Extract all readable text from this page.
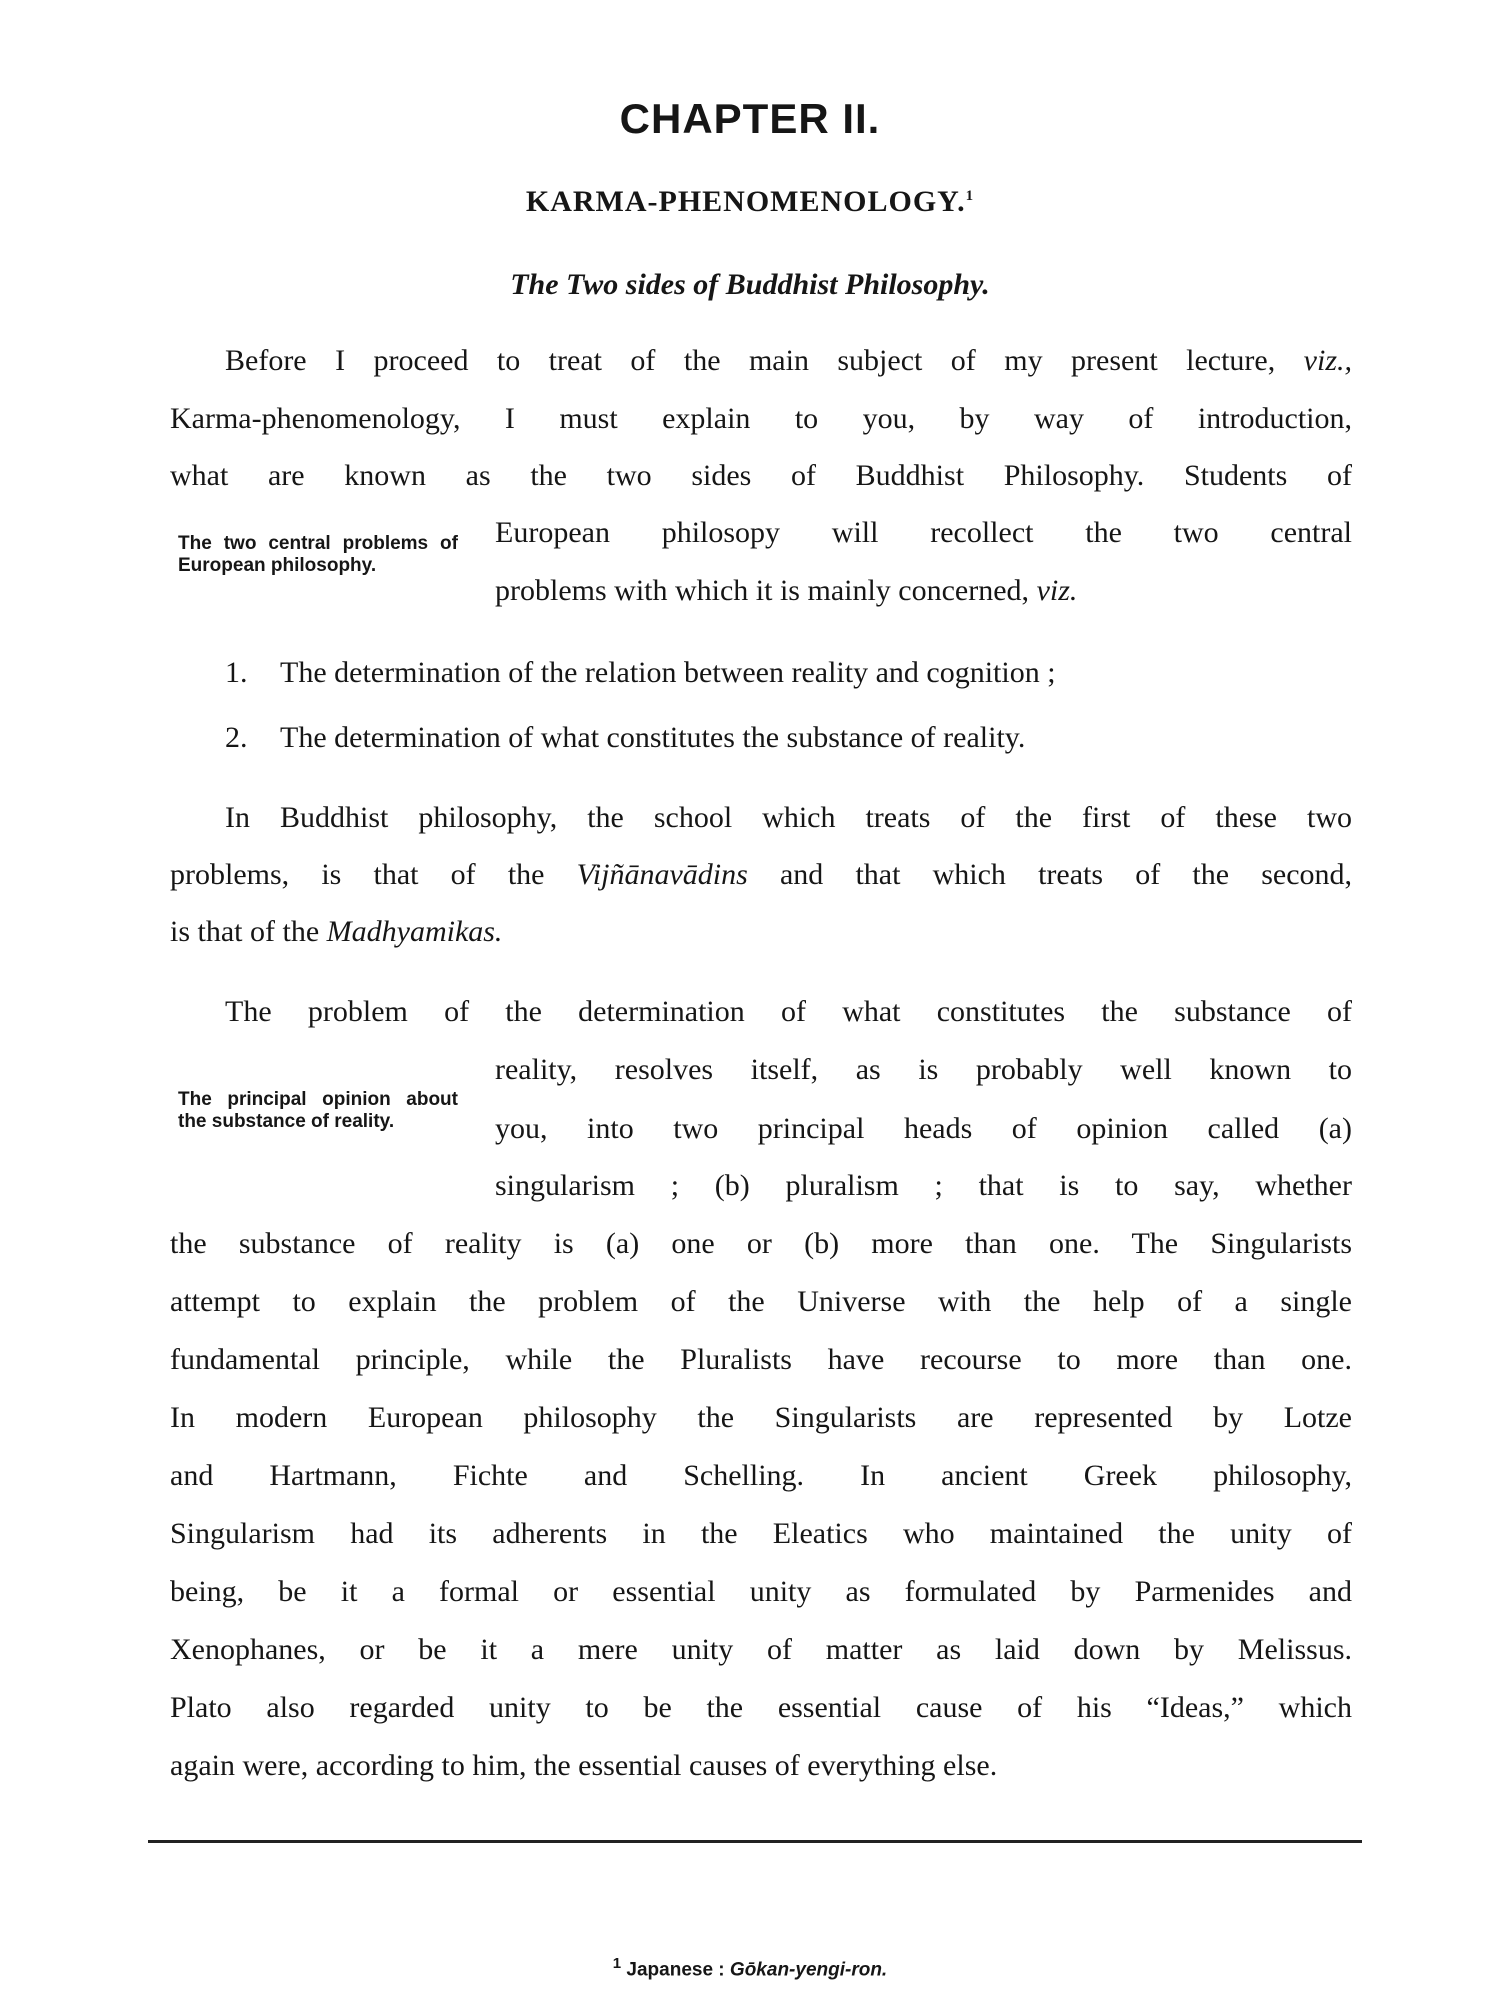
CHAPTER II.
KARMA-PHENOMENOLOGY.$^1$
The Two sides of Buddhist Philosophy.

Before I proceed to treat of the main subject of my present lecture, viz.,

Karma-phenomenology, I must explain to you, by way of introduction,

what are known as the two sides of Buddhist Philosophy. Students of

European philosopy will recollect the two central

problems with which it is mainly concerned, viz.

The two central problems of European philosophy.

1. The determination of the relation between reality and cognition ;

2. The determination of what constitutes the substance of reality.

In Buddhist philosophy, the school which treats of the first of these two

problems, is that of the Vijñānavādins and that which treats of the second,

is that of the Madhyamikas.

The problem of the determination of what constitutes the substance of

reality, resolves itself, as is probably well known to

you, into two principal heads of opinion called (a)

singularism ; (b) pluralism ; that is to say, whether

The principal opinion about the substance of reality.

the substance of reality is (a) one or (b) more than one. The Singularists

attempt to explain the problem of the Universe with the help of a single

fundamental principle, while the Pluralists have recourse to more than one.

In modern European philosophy the Singularists are represented by Lotze

and Hartmann, Fichte and Schelling. In ancient Greek philosophy,

Singularism had its adherents in the Eleatics who maintained the unity of

being, be it a formal or essential unity as formulated by Parmenides and

Xenophanes, or be it a mere unity of matter as laid down by Melissus.

Plato also regarded unity to be the essential cause of his “Ideas,” which

again were, according to him, the essential causes of everything else.

$^1$ Japanese : Gōkan-yengi-ron.
